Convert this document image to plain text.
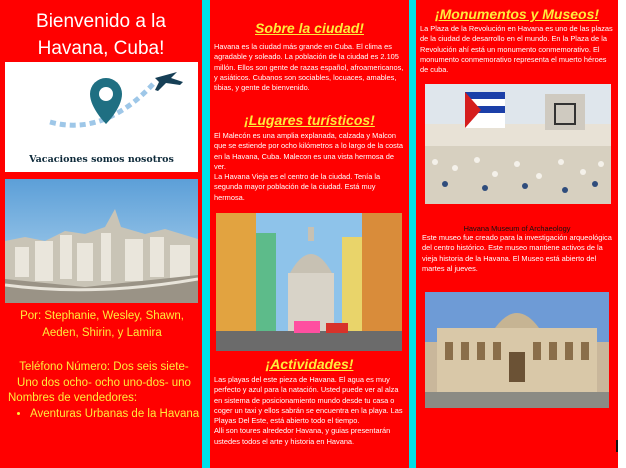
Bienvenido a la Havana, Cuba!
Vacaciones somos nosotros
Por: Stephanie, Wesley, Shawn, Aeden, Shirin, y Lamira
Teléfono Número: Dos seis siete- Uno dos ocho- ocho uno-dos- uno
Nombres de vendedores:
• Aventuras Urbanas de la Havana
Sobre la ciudad!
Havana es la ciudad más grande en Cuba. El clima es agradable y soleado. La población de la ciudad es 2.105 millón. Ellos son gente de razas español, afroamericanos, y asiáticos. Cubanos son sociables, locuaces, amables, tibias, y gente de bienvenido.
¡Lugares turísticos!
El Malecón es una amplia explanada, calzada y Malcon que se estiende por ocho kilómetros a lo largo de la costa en la Havana, Cuba. Malecon es una vista hermosa de ver.
La Havana Vieja es el centro de la ciudad. Tenía la segunda mayor población de la ciudad. Está muy hermosa.
¡Actividades!
Las playas del este pieza de Havana. El agua es muy perfecto y azul para la natación. Usted puede ver al alza en sistema de posicionamiento mundo desde tu casa o coger un taxi y ellos sabrán se encuentra en la playa. Las Playas Del Este, está abierto todo el tiempo.
Alli son toures alrededor Havana, y guias presentarán ustedes todos el arte y historia en Havana.
¡Monumentos y Museos!
La Plaza de la Revolución en Havana es uno de las plazas de la ciudad de desarrollo en el mundo. En la Plaza de la Revolución ahí está un monumento conmemorativo. El monumento conmemorativo representa el muerto héroes de cuba.
Havana Museum of Archaeology
Este museo fue creado para la investigación arqueológica del centro histórico. Este museo mantiene activos de la vieja historia de la Havana. El Museo está abierto del martes al jueves.
